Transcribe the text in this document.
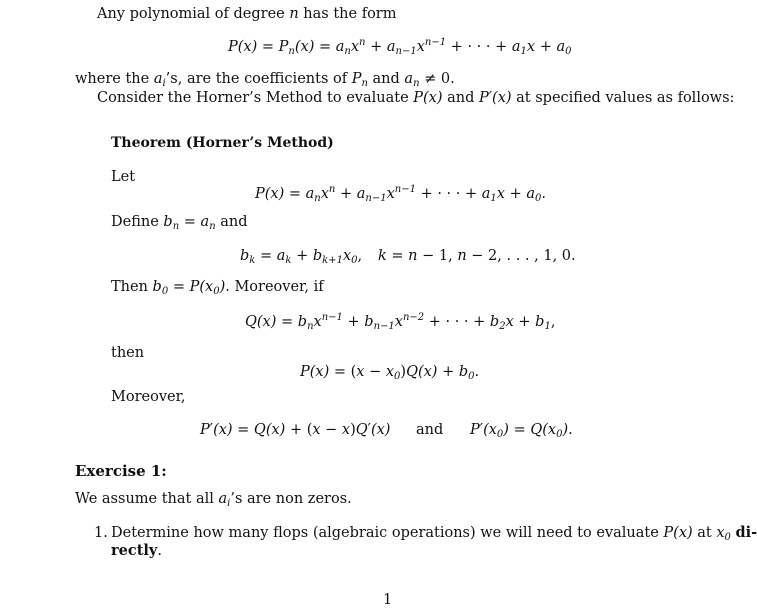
Any polynomial of degree n has the form
$P(x) = P_n(x) = a_nx^n + a_{n-1}x^{n-1}$ + · · · + $a_1x + a_0$
where the $a_i’s$, are the coefficients of $P_n$ and $a_n \ne 0$.
Consider the Horner’s Method to evaluate P(x) and P′(x) at specified values as follows:
Theorem (Horner’s Method)
Let
$P(x) = a_nx^n + a_{n-1}x^{n-1}$ + · · · + $a_1x + a_0$.
Define $b_n = a_n$ and
$b_k = a_k + b_{k+1}x_0$, k = n − 1, n − 2, . . . , 1, 0.
Then $b_0 = P(x_0)$. Moreover, if
$Q(x) = b_nx^{n-1} + b_{n-1}x^{n-2}$ + · · · + $b_2x + b_1$,
then
$P(x) = (x - x_0)Q(x) + b_0$.
Moreover,
P′(x) = Q(x) + (x − x)Q′(x) and $P'(x_0) = Q(x_0)$.
Exercise 1:
We assume that all $a_i’s$ are non zeros.
1. Determine how many flops (algebraic operations) we will need to evaluate P(x) at $x_0$ di-
rectly.
1
